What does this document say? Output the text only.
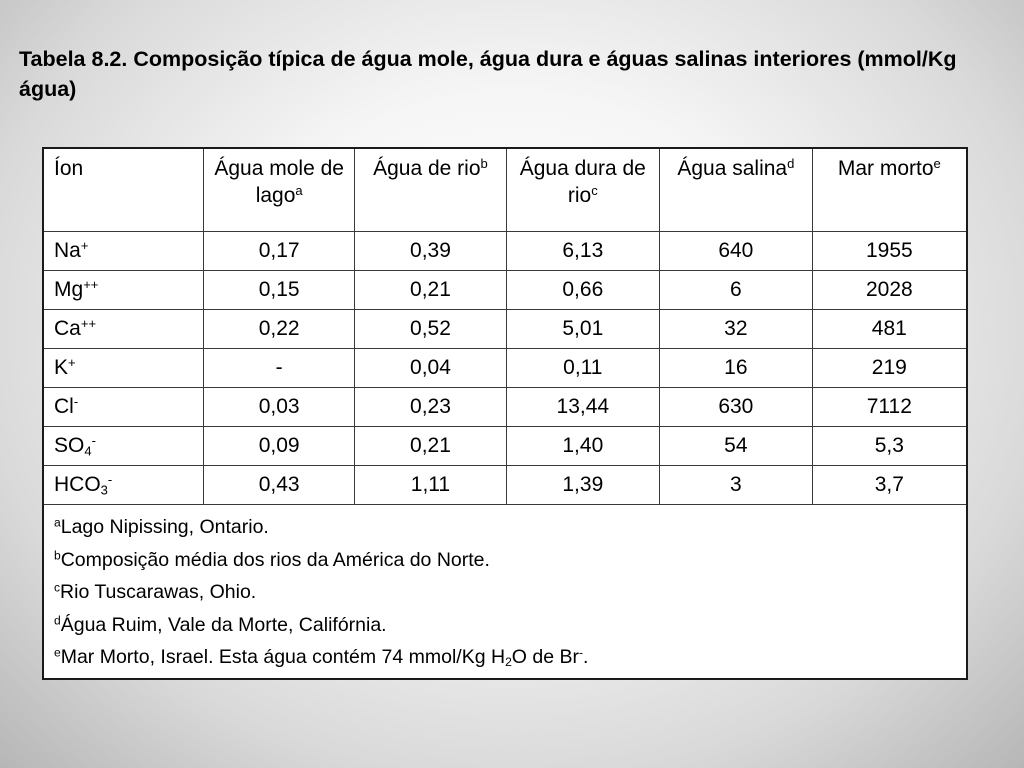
Tabela 8.2. Composição típica de água mole, água dura e águas salinas interiores (mmol/Kg água)
Íon	Água mole de lago$^a$	Água de rio$^b$	Água dura de rio$^c$	Água salina$^d$	Mar morto$^e$
Na+	0,17	0,39	6,13	640	1955
Mg++	0,15	0,21	0,66	6	2028
Ca++	0,22	0,52	5,01	32	481
K+	-	0,04	0,11	16	219
Cl-	0,03	0,23	13,44	630	7112
$SO_4^-$	0,09	0,21	1,40	54	5,3
$HCO_3^-$	0,43	1,11	1,39	3	3,7

$^a$Lago Nipissing, Ontario.
$^b$Composição média dos rios da América do Norte.
$^c$Rio Tuscarawas, Ohio.
$^d$Água Ruim, Vale da Morte, Califórnia.
$^e$Mar Morto, Israel. Esta água contém 74 mmol/Kg $H_2O$ de Br-.					
